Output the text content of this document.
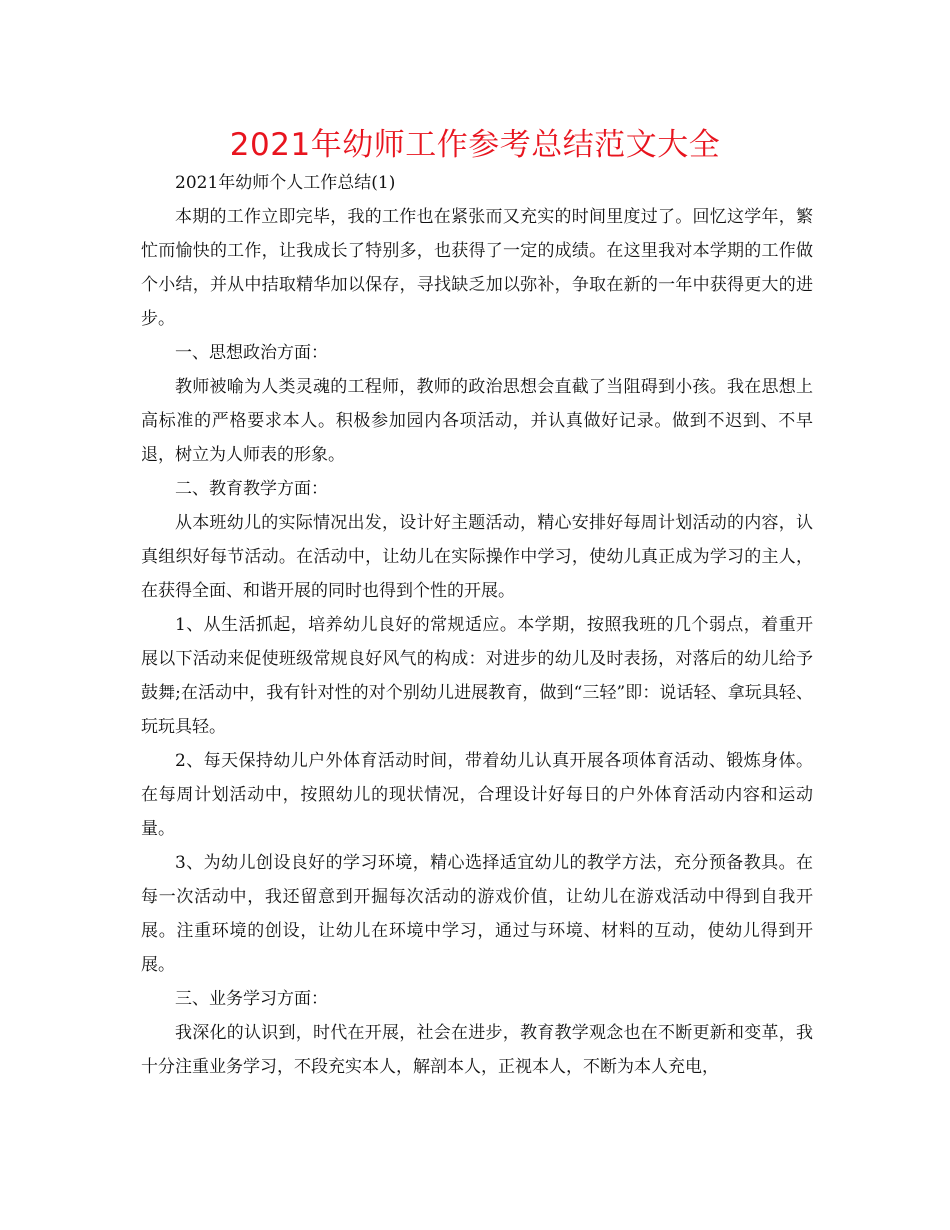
2021年幼师工作参考总结范文大全

2021年幼师个人工作总结(1)

本期的工作立即完毕，我的工作也在紧张而又充实的时间里度过了。回忆这学年，繁忙而愉快的工作，让我成长了特别多，也获得了一定的成绩。在这里我对本学期的工作做个小结，并从中拮取精华加以保存，寻找缺乏加以弥补，争取在新的一年中获得更大的进步。

一、思想政治方面：

教师被喻为人类灵魂的工程师，教师的政治思想会直截了当阻碍到小孩。我在思想上高标准的严格要求本人。积极参加园内各项活动，并认真做好记录。做到不迟到、不早退，树立为人师表的形象。

二、教育教学方面：

从本班幼儿的实际情况出发，设计好主题活动，精心安排好每周计划活动的内容，认真组织好每节活动。在活动中，让幼儿在实际操作中学习，使幼儿真正成为学习的主人，在获得全面、和谐开展的同时也得到个性的开展。

1、从生活抓起，培养幼儿良好的常规适应。本学期，按照我班的几个弱点，着重开展以下活动来促使班级常规良好风气的构成：对进步的幼儿及时表扬，对落后的幼儿给予鼓舞;在活动中，我有针对性的对个别幼儿进展教育，做到“三轻”即：说话轻、拿玩具轻、玩玩具轻。

2、每天保持幼儿户外体育活动时间，带着幼儿认真开展各项体育活动、锻炼身体。在每周计划活动中，按照幼儿的现状情况，合理设计好每日的户外体育活动内容和运动量。

3、为幼儿创设良好的学习环境，精心选择适宜幼儿的教学方法，充分预备教具。在每一次活动中，我还留意到开掘每次活动的游戏价值，让幼儿在游戏活动中得到自我开展。注重环境的创设，让幼儿在环境中学习，通过与环境、材料的互动，使幼儿得到开展。

三、业务学习方面：

我深化的认识到，时代在开展，社会在进步，教育教学观念也在不断更新和变革，我十分注重业务学习，不段充实本人，解剖本人，正视本人，不断为本人充电，
